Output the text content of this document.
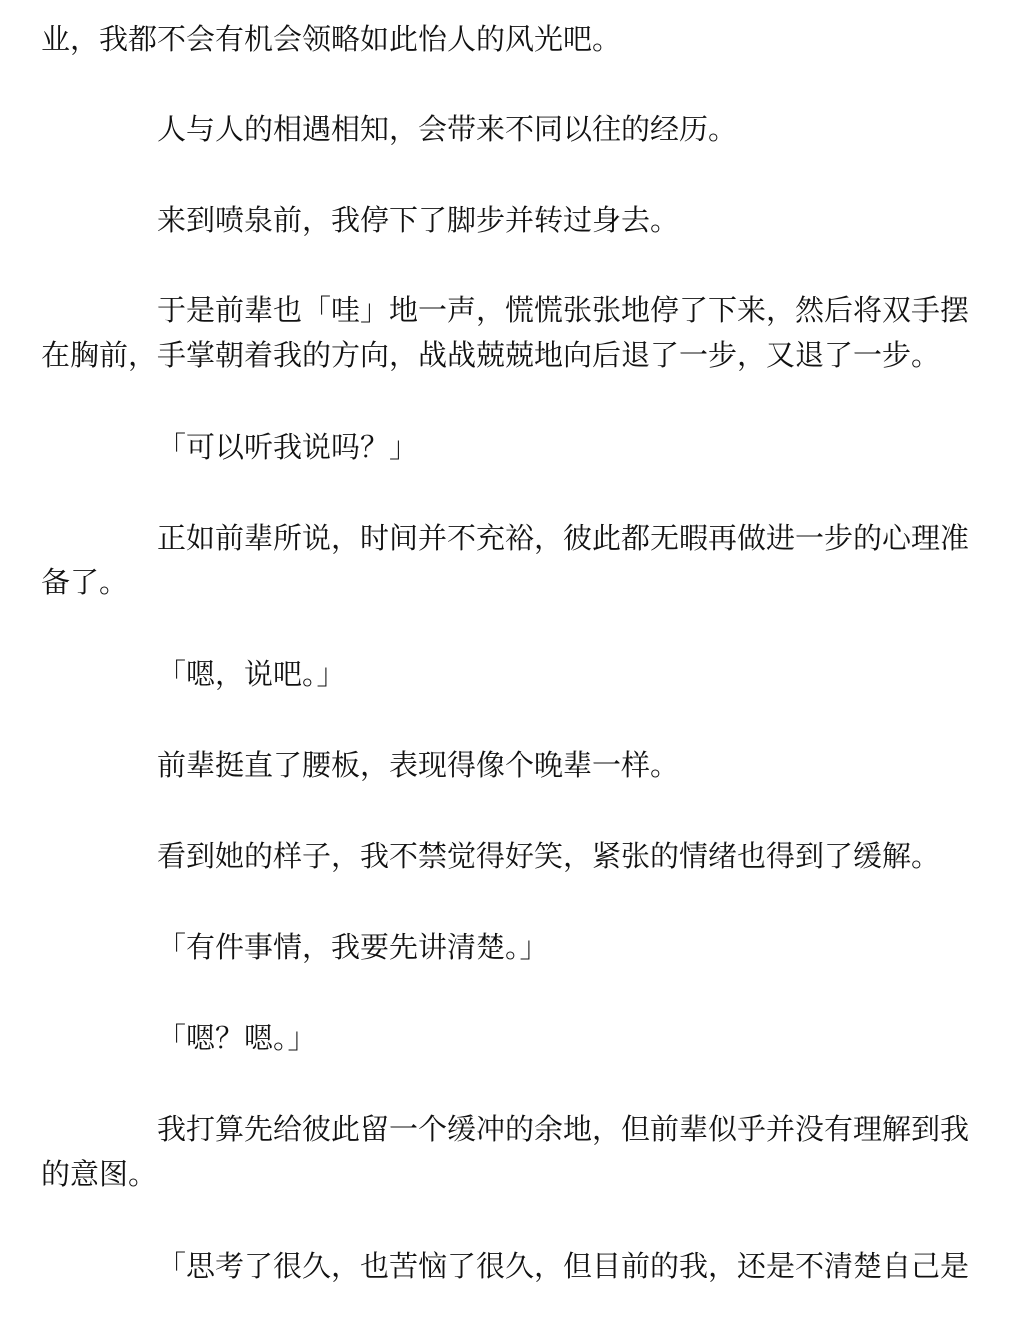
业，我都不会有机会领略如此怡人的风光吧。
人与人的相遇相知，会带来不同以往的经历。
来到喷泉前，我停下了脚步并转过身去。
于是前辈也「哇」地一声，慌慌张张地停了下来，然后将双手摆
在胸前，手掌朝着我的方向，战战兢兢地向后退了一步，又退了一步。
「可以听我说吗？」
正如前辈所说，时间并不充裕，彼此都无暇再做进一步的心理准
备了。
「嗯，说吧。」
前辈挺直了腰板，表现得像个晚辈一样。
看到她的样子，我不禁觉得好笑，紧张的情绪也得到了缓解。
「有件事情，我要先讲清楚。」
「嗯？嗯。」
我打算先给彼此留一个缓冲的余地，但前辈似乎并没有理解到我
的意图。
「思考了很久，也苦恼了很久，但目前的我，还是不清楚自己是
